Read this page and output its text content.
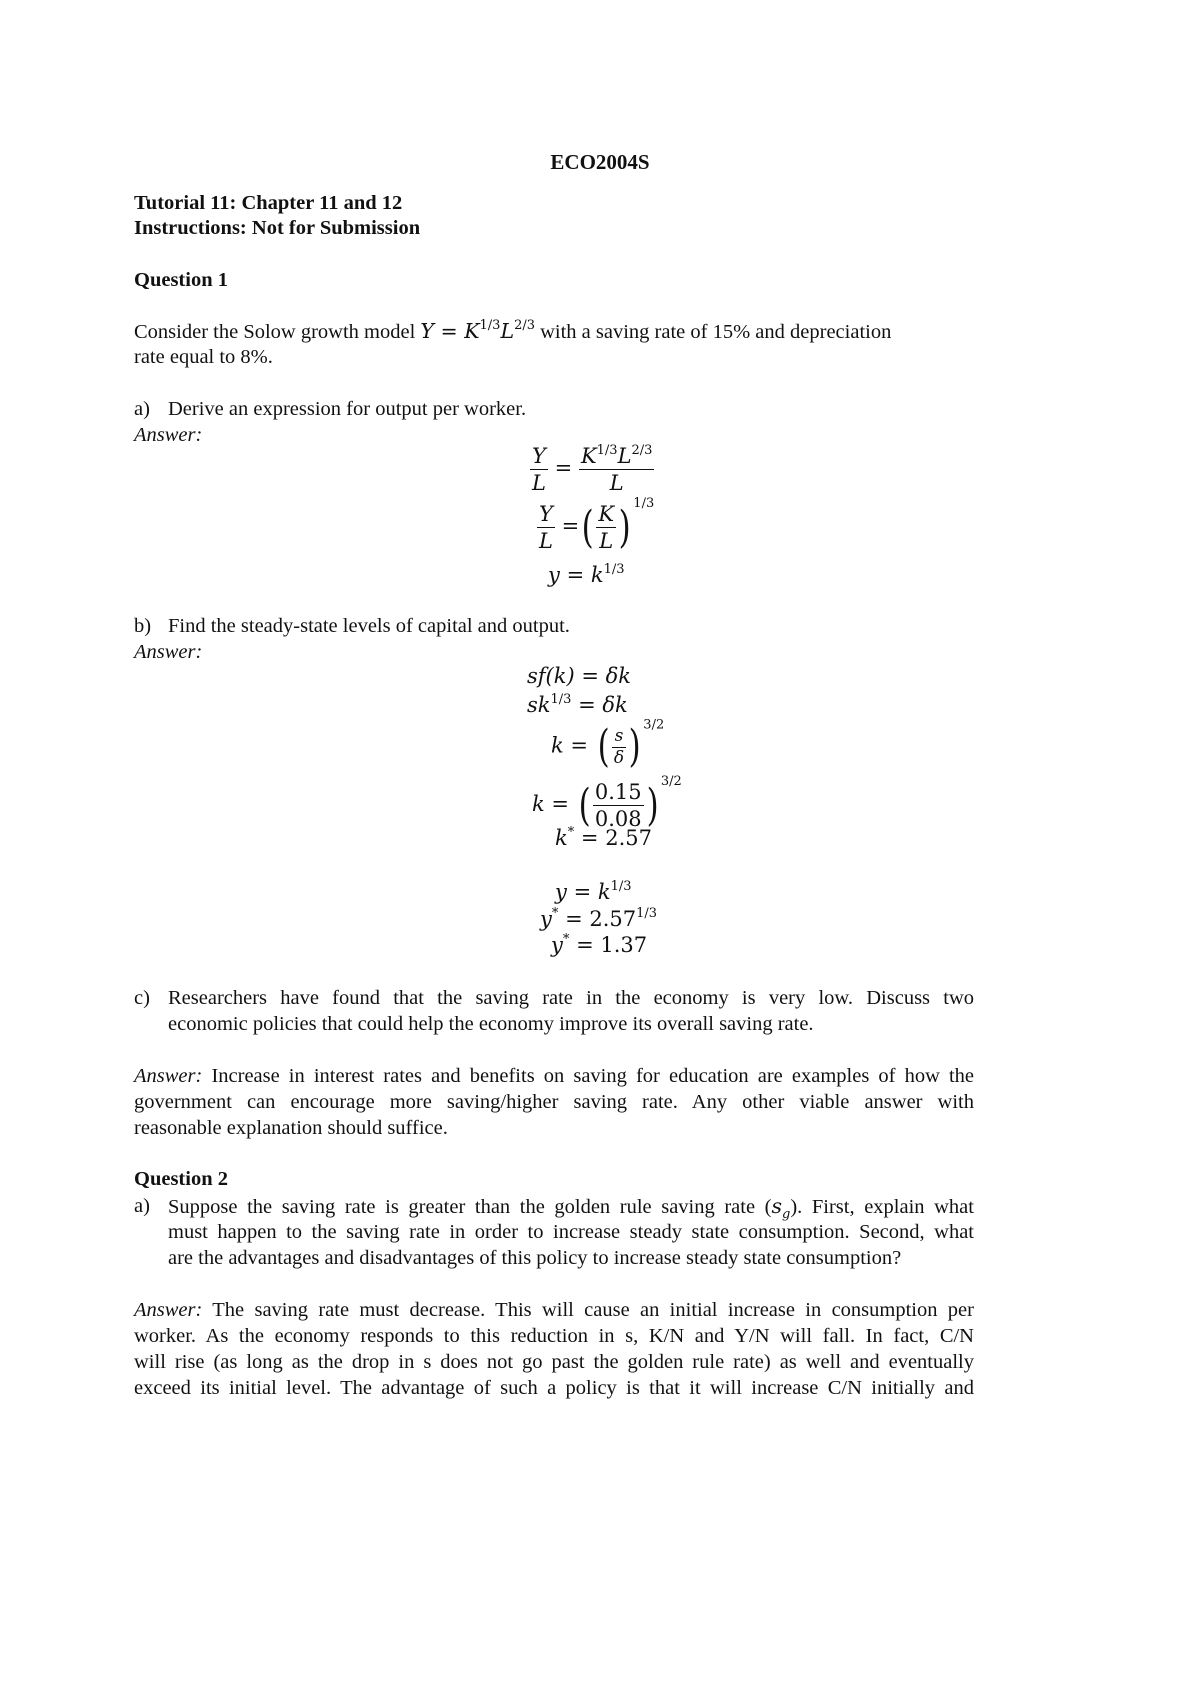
ECO2004S
Tutorial 11: Chapter 11 and 12
Instructions: Not for Submission
Question 1
Consider the Solow growth model $Y = K^{1/3}L^{2/3}$ with a saving rate of 15% and depreciation
rate equal to 8%.
a) Derive an expression for output per worker.
Answer:
$\frac{Y}{L} = \frac{K^{1/3}L^{2/3}}{L}$
$\frac{Y}{L}$ =( $\frac{K}{L}$ ) $^{1/3}$
$y = k^{1/3}$
b) Find the steady-state levels of capital and output.
Answer:
sf(k) = δk
$sk^{1/3} = \delta k$
k = ( $\frac{s}{\delta}$ ) $^{3/2}$
k = ( $\frac{0.15}{0.08}$ ) $^{3/2}$
k* = 2.57
$y = k^{1/3}$
$y^* = 2.57^{1/3}$
y* = 1.37
c) Researchers have found that the saving rate in the economy is very low. Discuss two
economic policies that could help the economy improve its overall saving rate.
Answer: Increase in interest rates and benefits on saving for education are examples of how the
government can encourage more saving/higher saving rate. Any other viable answer with
reasonable explanation should suffice.
Question 2
a) Suppose the saving rate is greater than the golden rule saving rate $(s_g)$. First, explain what
must happen to the saving rate in order to increase steady state consumption. Second, what
are the advantages and disadvantages of this policy to increase steady state consumption?
Answer: The saving rate must decrease. This will cause an initial increase in consumption per
worker. As the economy responds to this reduction in s, K/N and Y/N will fall. In fact, C/N
will rise (as long as the drop in s does not go past the golden rule rate) as well and eventually
exceed its initial level. The advantage of such a policy is that it will increase C/N initially and
